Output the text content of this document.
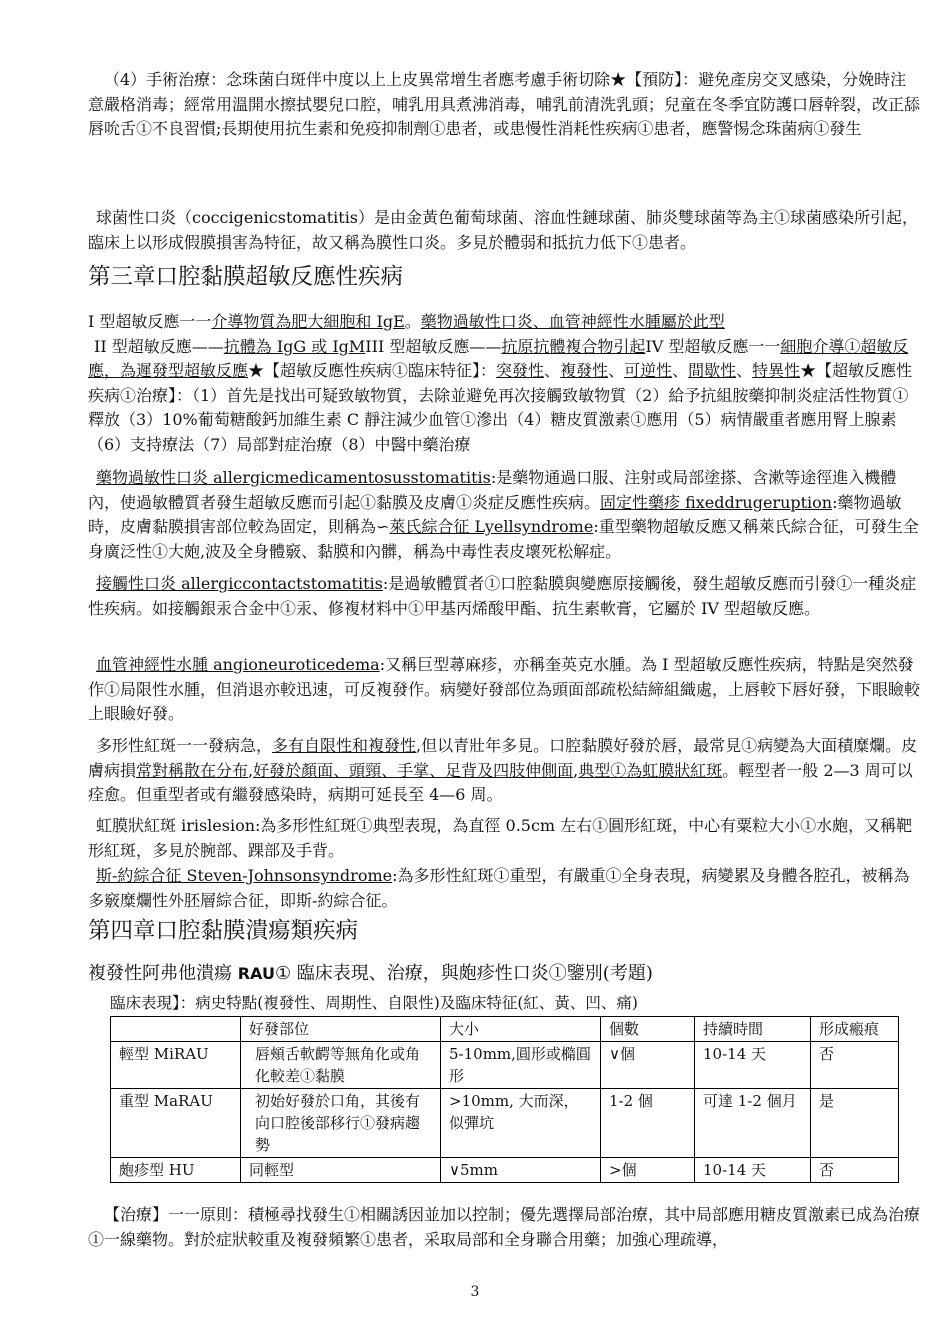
（4）手術治療：念珠菌白斑伴中度以上上皮異常增生者應考慮手術切除★【預防】：避免產房交叉感染，分娩時注意嚴格消毒；經常用溫開水擦拭嬰兒口腔，哺乳用具煮沸消毒，哺乳前清洗乳頭；兒童在冬季宜防護口唇幹裂，改正舔唇吮舌①不良習慣;長期使用抗生素和免疫抑制劑①患者，或患慢性消耗性疾病①患者，應警惕念珠菌病①發生

球菌性口炎（coccigenicstomatitis）是由金黃色葡萄球菌、溶血性鏈球菌、肺炎雙球菌等為主①球菌感染所引起，臨床上以形成假膜損害為特征，故又稱為膜性口炎。多見於體弱和抵抗力低下①患者。

第三章口腔黏膜超敏反應性疾病

I 型超敏反應一一介導物質為肥大細胞和 IgE。藥物過敏性口炎、血管神經性水腫屬於此型
II 型超敏反應——抗體為 IgG 或 IgMIII 型超敏反應——抗原抗體複合物引起IV 型超敏反應一一細胞介導①超敏反應，為遲發型超敏反應★【超敏反應性疾病①臨床特征】：突發性、複發性、可逆性、間歇性、特異性★【超敏反應性疾病①治療】：（1）首先是找出可疑致敏物質，去除並避免再次接觸致敏物質（2）給予抗組胺藥抑制炎症活性物質①釋放（3）10%葡萄糖酸鈣加維生素 C 靜注減少血管①滲出（4）糖皮質激素①應用（5）病情嚴重者應用腎上腺素（6）支持療法（7）局部對症治療（8）中醫中藥治療

藥物過敏性口炎 allergicmedicamentosusstomatitis:是藥物通過口服、注射或局部塗搽、含漱等途徑進入機體內，使過敏體質者發生超敏反應而引起①黏膜及皮膚①炎症反應性疾病。固定性藥疹 fixeddrugeruption:藥物過敏時，皮膚黏膜損害部位較為固定，則稱為∽萊氏綜合征 Lyellsyndrome:重型藥物超敏反應又稱萊氏綜合征，可發生全身廣泛性①大皰,波及全身體竅、黏膜和內髒，稱為中毒性表皮壞死松解症。

接觸性口炎 allergiccontactstomatitis:是過敏體質者①口腔黏膜與變應原接觸後，發生超敏反應而引發①一種炎症性疾病。如接觸銀汞合金中①汞、修複材料中①甲基丙烯酸甲酯、抗生素軟膏，它屬於 IV 型超敏反應。

血管神經性水腫 angioneuroticedema:又稱巨型蕁麻疹，亦稱奎英克水腫。為 I 型超敏反應性疾病，特點是突然發作①局限性水腫，但消退亦較迅速，可反複發作。病變好發部位為頭面部疏松結締組織處，上唇較下唇好發，下眼瞼較上眼瞼好發。

多形性紅斑一一發病急，多有自限性和複發性,但以青壯年多見。口腔黏膜好發於唇，最常見①病變為大面積糜爛。皮膚病損常對稱散在分布,好發於顏面、頭頸、手掌、足背及四肢伸側面,典型①為虹膜狀紅斑。輕型者一般 2—3 周可以痊愈。但重型者或有繼發感染時，病期可延長至 4—6 周。

虹膜狀紅斑 irislesion:為多形性紅斑①典型表現，為直徑 0.5cm 左右①圓形紅斑，中心有粟粒大小①水皰，又稱靶形紅斑，多見於腕部、踝部及手背。

斯-約綜合征 Steven-Johnsonsyndrome:為多形性紅斑①重型，有嚴重①全身表現，病變累及身體各腔孔，被稱為多竅糜爛性外胚層綜合征，即斯-約綜合征。

第四章口腔黏膜潰瘍類疾病

複發性阿弗他潰瘍 RAU① 臨床表現、治療，與皰疹性口炎①鑒別(考題)

臨床表現】：病史特點(複發性、周期性、自限性)及臨床特征(紅、黃、凹、痛)

	好發部位	大小	個數	持續時間	形成瘢痕
輕型 MiRAU	唇頰舌軟齶等無角化或角化較差①黏膜	5-10mm,圓形或橢圓形	∨個	10-14 天	否
重型 MaRAU	初始好發於口角，其後有向口腔後部移行①發病趨勢	>10mm, 大而深，似彈坑	1-2 個	可達 1-2 個月	是
皰疹型 HU	同輕型	∨5mm	>個	10-14 天	否

【治療】一一原則：積極尋找發生①相關誘因並加以控制；優先選擇局部治療，其中局部應用糖皮質激素已成為治療①一線藥物。對於症狀較重及複發頻繁①患者，采取局部和全身聯合用藥；加強心理疏導，

3
